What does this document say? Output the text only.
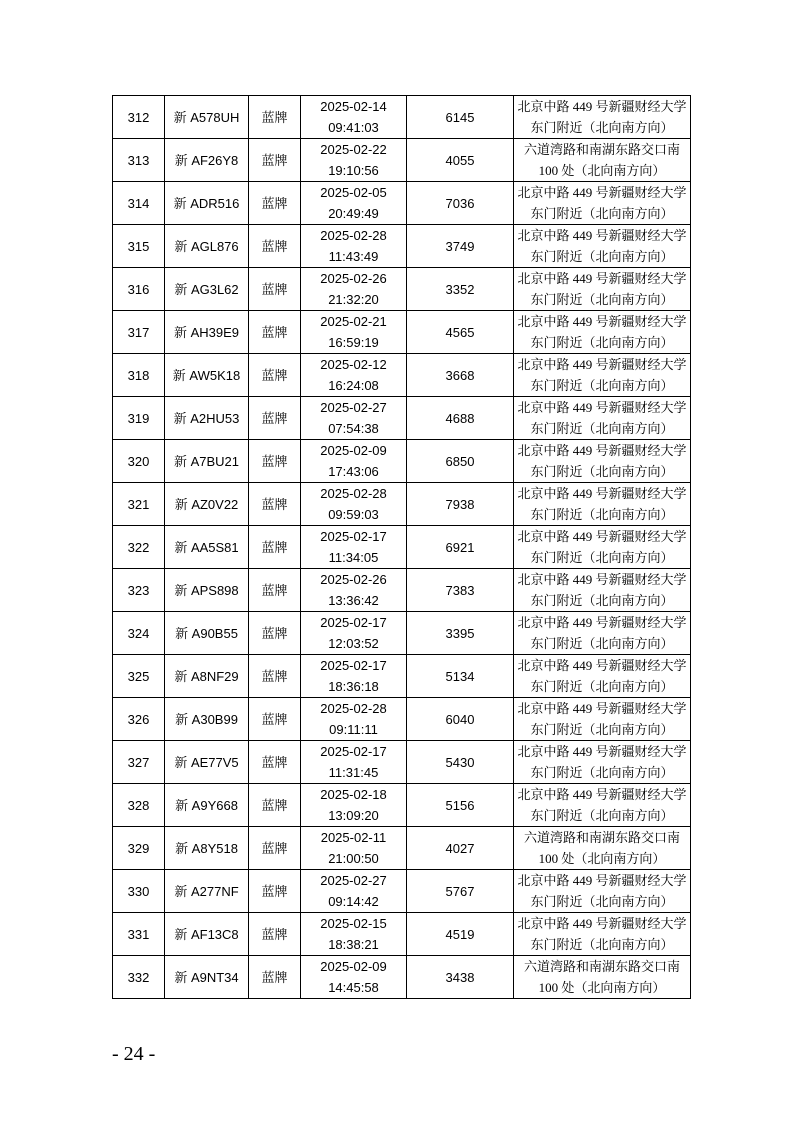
312	新 A578UH	蓝牌	2025-02-14
09:41:03	6145	北京中路 449 号新疆财经大学
东门附近（北向南方向）

313	新 AF26Y8	蓝牌	2025-02-22
19:10:56	4055	六道湾路和南湖东路交口南
100 处（北向南方向）

314	新 ADR516	蓝牌	2025-02-05
20:49:49	7036	北京中路 449 号新疆财经大学
东门附近（北向南方向）

315	新 AGL876	蓝牌	2025-02-28
11:43:49	3749	北京中路 449 号新疆财经大学
东门附近（北向南方向）

316	新 AG3L62	蓝牌	2025-02-26
21:32:20	3352	北京中路 449 号新疆财经大学
东门附近（北向南方向）

317	新 AH39E9	蓝牌	2025-02-21
16:59:19	4565	北京中路 449 号新疆财经大学
东门附近（北向南方向）

318	新 AW5K18	蓝牌	2025-02-12
16:24:08	3668	北京中路 449 号新疆财经大学
东门附近（北向南方向）

319	新 A2HU53	蓝牌	2025-02-27
07:54:38	4688	北京中路 449 号新疆财经大学
东门附近（北向南方向）

320	新 A7BU21	蓝牌	2025-02-09
17:43:06	6850	北京中路 449 号新疆财经大学
东门附近（北向南方向）

321	新 AZ0V22	蓝牌	2025-02-28
09:59:03	7938	北京中路 449 号新疆财经大学
东门附近（北向南方向）

322	新 AA5S81	蓝牌	2025-02-17
11:34:05	6921	北京中路 449 号新疆财经大学
东门附近（北向南方向）

323	新 APS898	蓝牌	2025-02-26
13:36:42	7383	北京中路 449 号新疆财经大学
东门附近（北向南方向）

324	新 A90B55	蓝牌	2025-02-17
12:03:52	3395	北京中路 449 号新疆财经大学
东门附近（北向南方向）

325	新 A8NF29	蓝牌	2025-02-17
18:36:18	5134	北京中路 449 号新疆财经大学
东门附近（北向南方向）

326	新 A30B99	蓝牌	2025-02-28
09:11:11	6040	北京中路 449 号新疆财经大学
东门附近（北向南方向）

327	新 AE77V5	蓝牌	2025-02-17
11:31:45	5430	北京中路 449 号新疆财经大学
东门附近（北向南方向）

328	新 A9Y668	蓝牌	2025-02-18
13:09:20	5156	北京中路 449 号新疆财经大学
东门附近（北向南方向）

329	新 A8Y518	蓝牌	2025-02-11
21:00:50	4027	六道湾路和南湖东路交口南
100 处（北向南方向）

330	新 A277NF	蓝牌	2025-02-27
09:14:42	5767	北京中路 449 号新疆财经大学
东门附近（北向南方向）

331	新 AF13C8	蓝牌	2025-02-15
18:38:21	4519	北京中路 449 号新疆财经大学
东门附近（北向南方向）

332	新 A9NT34	蓝牌	2025-02-09
14:45:58	3438	六道湾路和南湖东路交口南
100 处（北向南方向）
- 24 -
